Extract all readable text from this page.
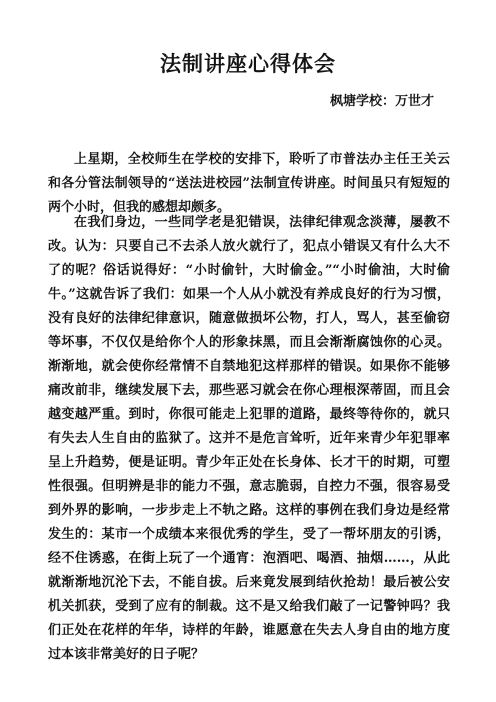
法制讲座心得体会
枫塘学校：万世才

上星期，全校师生在学校的安排下，聆听了市普法办主任王关云和各分管法制领导的“送法进校园”法制宣传讲座。时间虽只有短短的两个小时，但我的感想却颇多。

在我们身边，一些同学老是犯错误，法律纪律观念淡薄，屡教不改。认为：只要自己不去杀人放火就行了，犯点小错误又有什么大不了的呢？俗话说得好：“小时偷针，大时偷金。”“小时偷油，大时偷牛。”这就告诉了我们：如果一个人从小就没有养成良好的行为习惯，没有良好的法律纪律意识，随意做损坏公物，打人，骂人，甚至偷窃等坏事，不仅仅是给你个人的形象抹黑，而且会渐渐腐蚀你的心灵。渐渐地，就会使你经常情不自禁地犯这样那样的错误。如果你不能够痛改前非，继续发展下去，那些恶习就会在你心理根深蒂固，而且会越变越严重。到时，你很可能走上犯罪的道路，最终等待你的，就只有失去人生自由的监狱了。这并不是危言耸听，近年来青少年犯罪率呈上升趋势，便是证明。青少年正处在长身体、长才干的时期，可塑性很强。但明辨是非的能力不强，意志脆弱，自控力不强，很容易受到外界的影响，一步步走上不轨之路。这样的事例在我们身边是经常发生的：某市一个成绩本来很优秀的学生，受了一帮坏朋友的引诱，经不住诱惑，在街上玩了一个通宵：泡酒吧、喝酒、抽烟……，从此就渐渐地沉沦下去，不能自拔。后来竟发展到结伙抢劫！最后被公安机关抓获，受到了应有的制裁。这不是又给我们敲了一记警钟吗？我们正处在花样的年华，诗样的年龄，谁愿意在失去人身自由的地方度过本该非常美好的日子呢？
